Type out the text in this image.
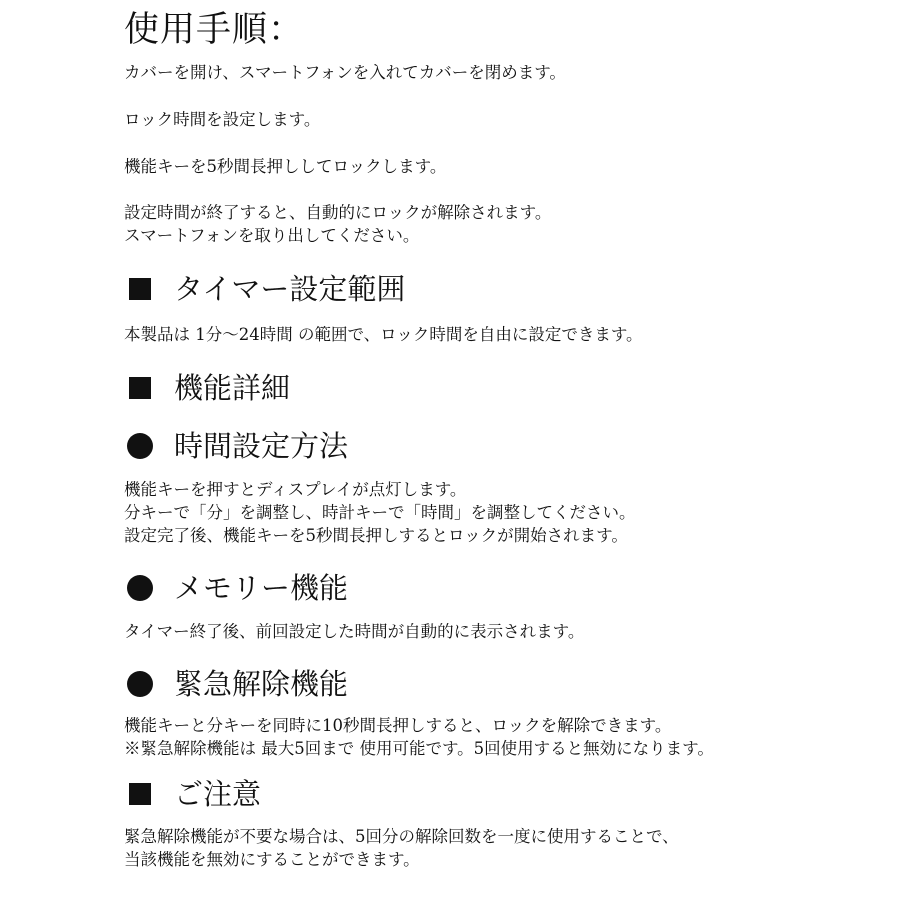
使用手順：
カバーを開け、スマートフォンを入れてカバーを閉めます。
ロック時間を設定します。
機能キーを5秒間長押ししてロックします。
設定時間が終了すると、自動的にロックが解除されます。
スマートフォンを取り出してください。
タイマー設定範囲
本製品は 1分〜24時間 の範囲で、ロック時間を自由に設定できます。
機能詳細
時間設定方法
機能キーを押すとディスプレイが点灯します。
分キーで「分」を調整し、時計キーで「時間」を調整してください。
設定完了後、機能キーを5秒間長押しするとロックが開始されます。
メモリー機能
タイマー終了後、前回設定した時間が自動的に表示されます。
緊急解除機能
機能キーと分キーを同時に10秒間長押しすると、ロックを解除できます。
※緊急解除機能は 最大5回まで 使用可能です。5回使用すると無効になります。
ご注意
緊急解除機能が不要な場合は、5回分の解除回数を一度に使用することで、
当該機能を無効にすることができます。
